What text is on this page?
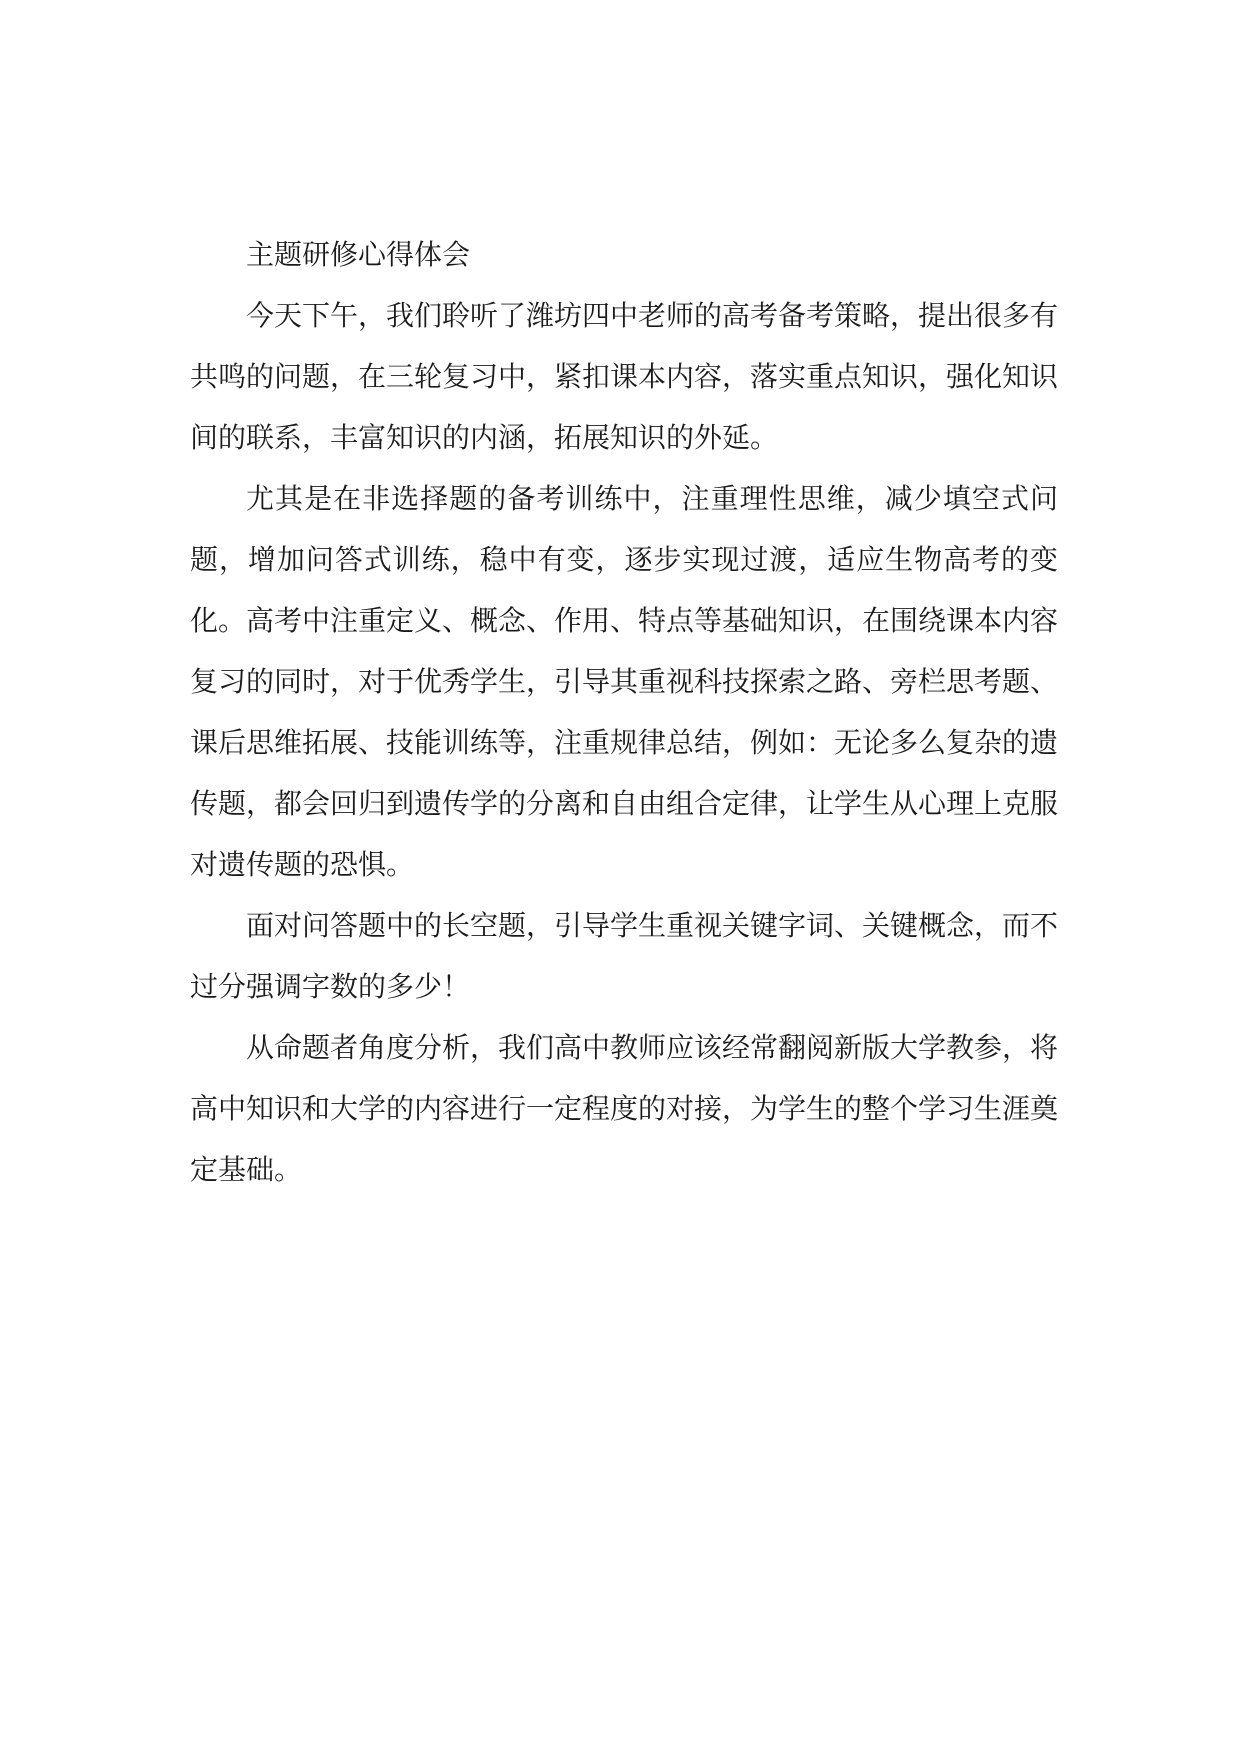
主题研修心得体会

今天下午，我们聆听了潍坊四中老师的高考备考策略，提出很多有共鸣的问题，在三轮复习中，紧扣课本内容，落实重点知识，强化知识间的联系，丰富知识的内涵，拓展知识的外延。

尤其是在非选择题的备考训练中，注重理性思维，减少填空式问题，增加问答式训练，稳中有变，逐步实现过渡，适应生物高考的变化。高考中注重定义、概念、作用、特点等基础知识，在围绕课本内容复习的同时，对于优秀学生，引导其重视科技探索之路、旁栏思考题、课后思维拓展、技能训练等，注重规律总结，例如：无论多么复杂的遗传题，都会回归到遗传学的分离和自由组合定律，让学生从心理上克服对遗传题的恐惧。

面对问答题中的长空题，引导学生重视关键字词、关键概念，而不过分强调字数的多少！

从命题者角度分析，我们高中教师应该经常翻阅新版大学教参，将高中知识和大学的内容进行一定程度的对接，为学生的整个学习生涯奠定基础。
